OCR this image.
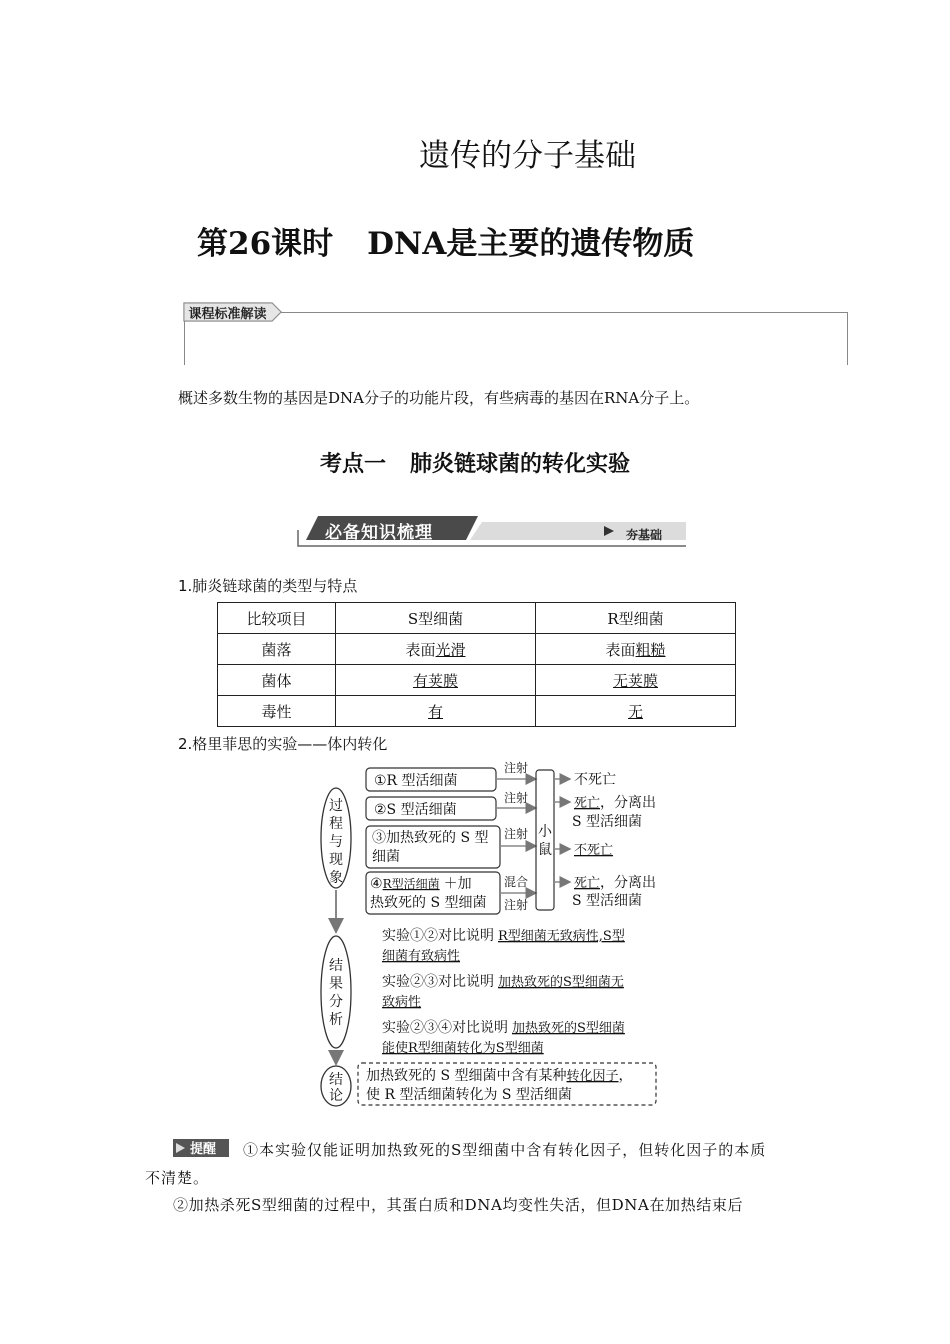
遗传的分子基础
第26课时 DNA是主要的遗传物质
课程标准解读
概述多数生物的基因是DNA分子的功能片段，有些病毒的基因在RNA分子上。
考点一 肺炎链球菌的转化实验
必备知识梳理	夯基础
1.肺炎链球菌的类型与特点
比较项目	S型细菌	R型细菌
菌落	表面光滑	表面粗糙
菌体	有荚膜	无荚膜
毒性	有	无
2.格里菲思的实验——体内转化
过
程
与
现
象
结
果
分
析
结
论
①R 型活细菌
②S 型活细菌
③加热致死的 S 型
细菌
④R型活细菌 ＋加
热致死的 S 型细菌
注射
注射
注射
混合
注射
小
鼠
不死亡
死亡，分离出
S 型活细菌
不死亡
死亡，分离出
S 型活细菌
实验①②对比说明 R型细菌无致病性,S型
细菌有致病性
实验②③对比说明 加热致死的S型细菌无
致病性
实验②③④对比说明 加热致死的S型细菌
能使R型细菌转化为S型细菌
加热致死的 S 型细菌中含有某种转化因子，
使 R 型活细菌转化为 S 型活细菌
提醒 ①本实验仅能证明加热致死的S型细菌中含有转化因子，但转化因子的本质
不清楚。
②加热杀死S型细菌的过程中，其蛋白质和DNA均变性失活，但DNA在加热结束后
